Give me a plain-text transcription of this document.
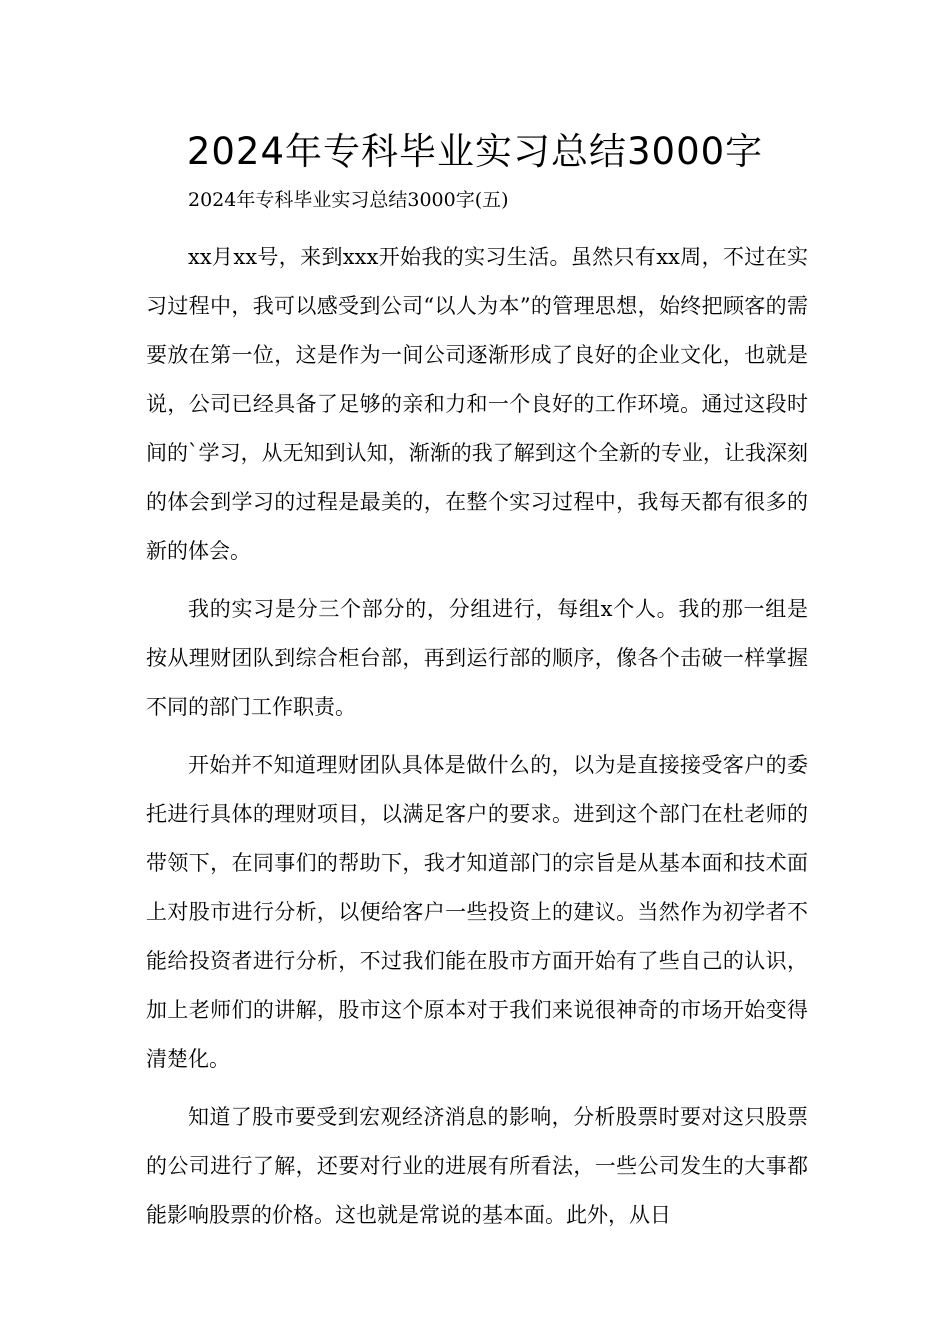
2024年专科毕业实习总结3000字

2024年专科毕业实习总结3000字(五)

xx月xx号，来到xxx开始我的实习生活。虽然只有xx周，不过在实习过程中，我可以感受到公司“以人为本”的管理思想，始终把顾客的需要放在第一位，这是作为一间公司逐渐形成了良好的企业文化，也就是说，公司已经具备了足够的亲和力和一个良好的工作环境。通过这段时间的`学习，从无知到认知，渐渐的我了解到这个全新的专业，让我深刻的体会到学习的过程是最美的，在整个实习过程中，我每天都有很多的新的体会。

我的实习是分三个部分的，分组进行，每组x个人。我的那一组是按从理财团队到综合柜台部，再到运行部的顺序，像各个击破一样掌握不同的部门工作职责。

开始并不知道理财团队具体是做什么的，以为是直接接受客户的委托进行具体的理财项目，以满足客户的要求。进到这个部门在杜老师的带领下，在同事们的帮助下，我才知道部门的宗旨是从基本面和技术面上对股市进行分析，以便给客户一些投资上的建议。当然作为初学者不能给投资者进行分析，不过我们能在股市方面开始有了些自己的认识，加上老师们的讲解，股市这个原本对于我们来说很神奇的市场开始变得清楚化。

知道了股市要受到宏观经济消息的影响，分析股票时要对这只股票的公司进行了解，还要对行业的进展有所看法，一些公司发生的大事都能影响股票的价格。这也就是常说的基本面。此外，从日
